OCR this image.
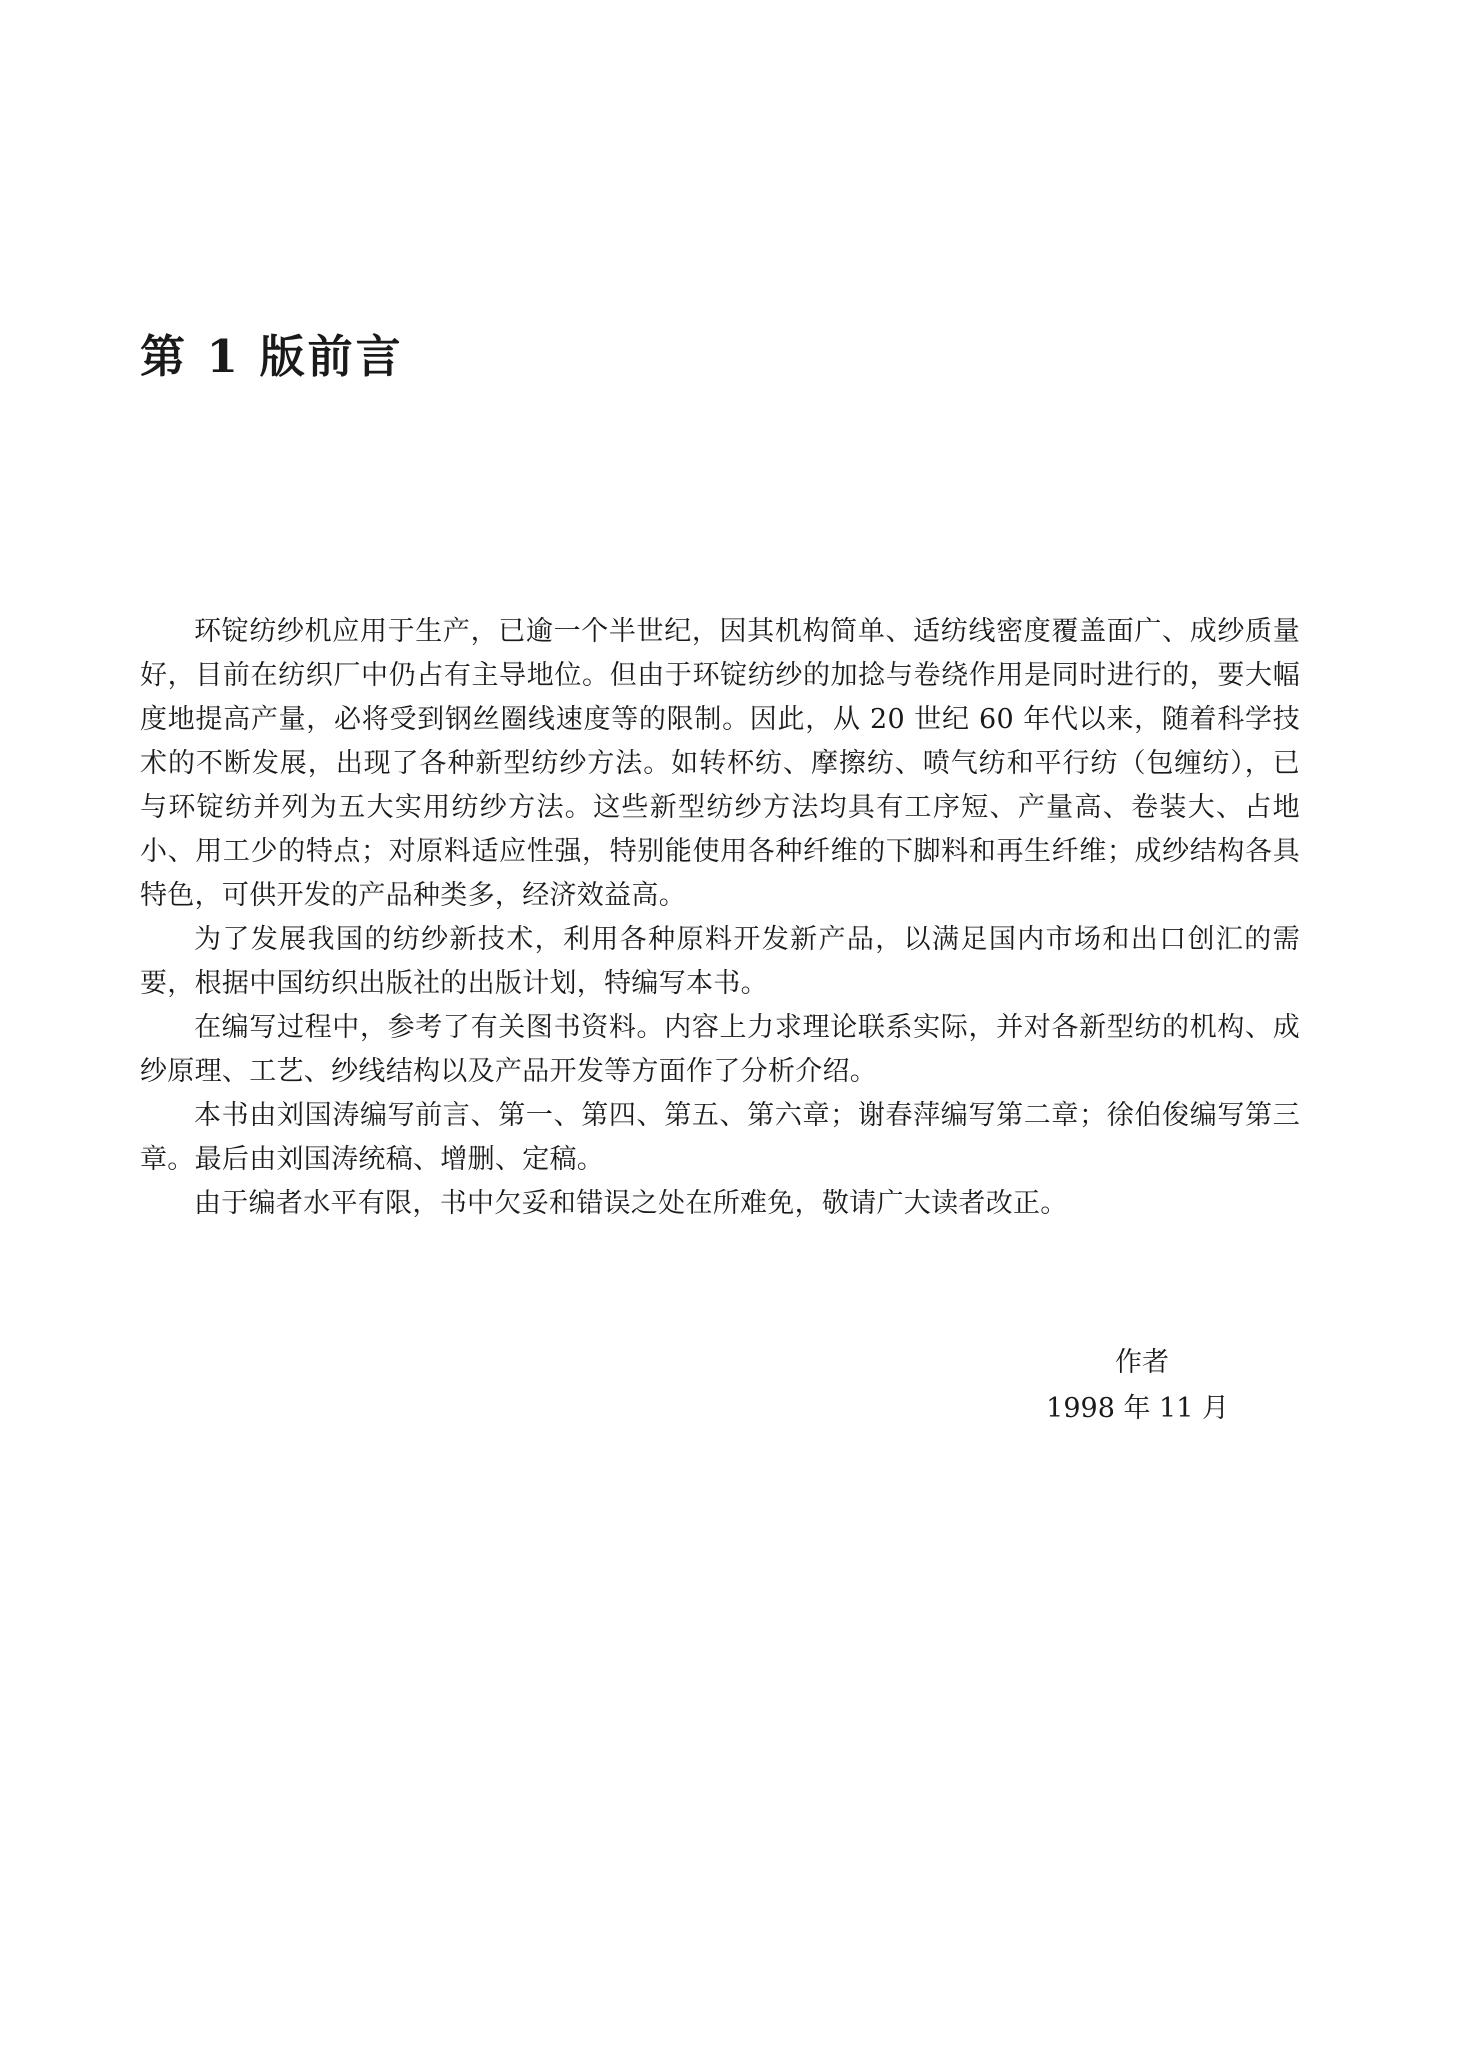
第 1 版前言

环锭纺纱机应用于生产，已逾一个半世纪，因其机构简单、适纺线密度覆盖面广、成纱质量好，目前在纺织厂中仍占有主导地位。但由于环锭纺纱的加捻与卷绕作用是同时进行的，要大幅度地提高产量，必将受到钢丝圈线速度等的限制。因此，从 20 世纪 60 年代以来，随着科学技术的不断发展，出现了各种新型纺纱方法。如转杯纺、摩擦纺、喷气纺和平行纺（包缠纺），已与环锭纺并列为五大实用纺纱方法。这些新型纺纱方法均具有工序短、产量高、卷装大、占地小、用工少的特点；对原料适应性强，特别能使用各种纤维的下脚料和再生纤维；成纱结构各具特色，可供开发的产品种类多，经济效益高。

为了发展我国的纺纱新技术，利用各种原料开发新产品，以满足国内市场和出口创汇的需要，根据中国纺织出版社的出版计划，特编写本书。

在编写过程中，参考了有关图书资料。内容上力求理论联系实际，并对各新型纺的机构、成纱原理、工艺、纱线结构以及产品开发等方面作了分析介绍。

本书由刘国涛编写前言、第一、第四、第五、第六章；谢春萍编写第二章；徐伯俊编写第三章。最后由刘国涛统稿、增删、定稿。

由于编者水平有限，书中欠妥和错误之处在所难免，敬请广大读者改正。

作者
1998 年 11 月
